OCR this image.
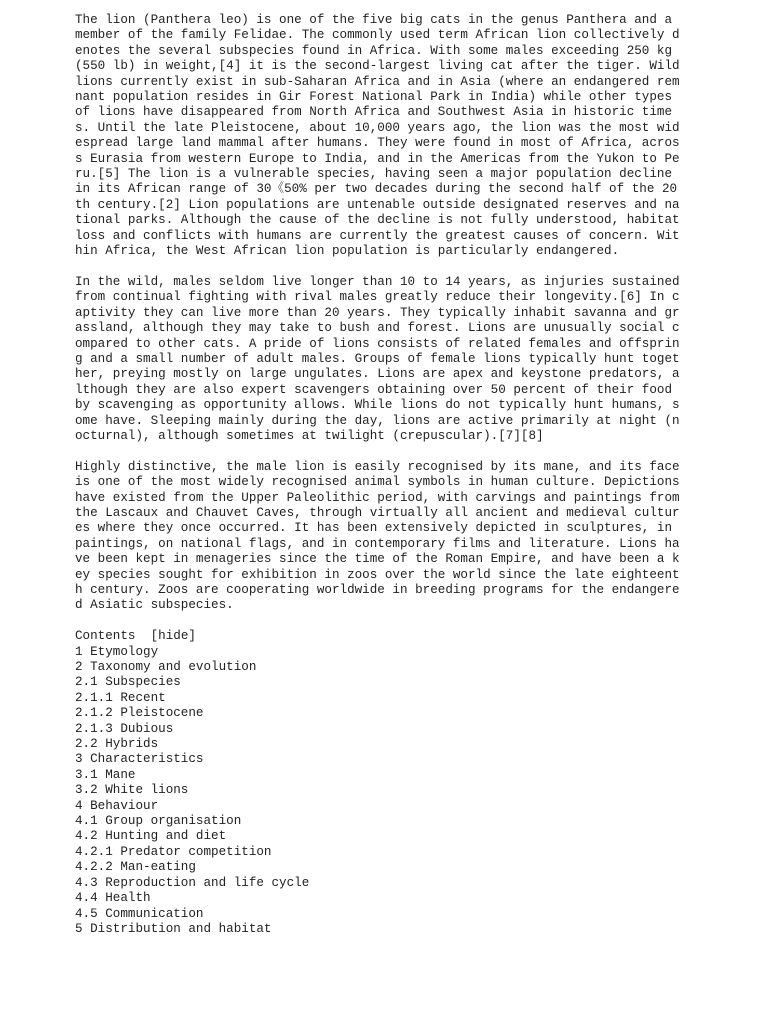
The lion (Panthera leo) is one of the five big cats in the genus Panthera and a member of the family Felidae. The commonly used term African lion collectively denotes the several subspecies found in Africa. With some males exceeding 250 kg (550 lb) in weight,[4] it is the second-largest living cat after the tiger. Wild lions currently exist in sub-Saharan Africa and in Asia (where an endangered remnant population resides in Gir Forest National Park in India) while other types of lions have disappeared from North Africa and Southwest Asia in historic times. Until the late Pleistocene, about 10,000 years ago, the lion was the most widespread large land mammal after humans. They were found in most of Africa, across Eurasia from western Europe to India, and in the Americas from the Yukon to Peru.[5] The lion is a vulnerable species, having seen a major population decline in its African range of 30《50% per two decades during the second half of the 20th century.[2] Lion populations are untenable outside designated reserves and national parks. Although the cause of the decline is not fully understood, habitat loss and conflicts with humans are currently the greatest causes of concern. Within Africa, the West African lion population is particularly endangered.

In the wild, males seldom live longer than 10 to 14 years, as injuries sustained from continual fighting with rival males greatly reduce their longevity.[6] In captivity they can live more than 20 years. They typically inhabit savanna and grassland, although they may take to bush and forest. Lions are unusually social compared to other cats. A pride of lions consists of related females and offspring and a small number of adult males. Groups of female lions typically hunt together, preying mostly on large ungulates. Lions are apex and keystone predators, although they are also expert scavengers obtaining over 50 percent of their food by scavenging as opportunity allows. While lions do not typically hunt humans, some have. Sleeping mainly during the day, lions are active primarily at night (nocturnal), although sometimes at twilight (crepuscular).[7][8]

Highly distinctive, the male lion is easily recognised by its mane, and its face is one of the most widely recognised animal symbols in human culture. Depictions have existed from the Upper Paleolithic period, with carvings and paintings from the Lascaux and Chauvet Caves, through virtually all ancient and medieval cultures where they once occurred. It has been extensively depicted in sculptures, in paintings, on national flags, and in contemporary films and literature. Lions have been kept in menageries since the time of the Roman Empire, and have been a key species sought for exhibition in zoos over the world since the late eighteenth century. Zoos are cooperating worldwide in breeding programs for the endangered Asiatic subspecies.

Contents [hide]
1 Etymology
2 Taxonomy and evolution
2.1 Subspecies
2.1.1 Recent
2.1.2 Pleistocene
2.1.3 Dubious
2.2 Hybrids
3 Characteristics
3.1 Mane
3.2 White lions
4 Behaviour
4.1 Group organisation
4.2 Hunting and diet
4.2.1 Predator competition
4.2.2 Man-eating
4.3 Reproduction and life cycle
4.4 Health
4.5 Communication
5 Distribution and habitat
